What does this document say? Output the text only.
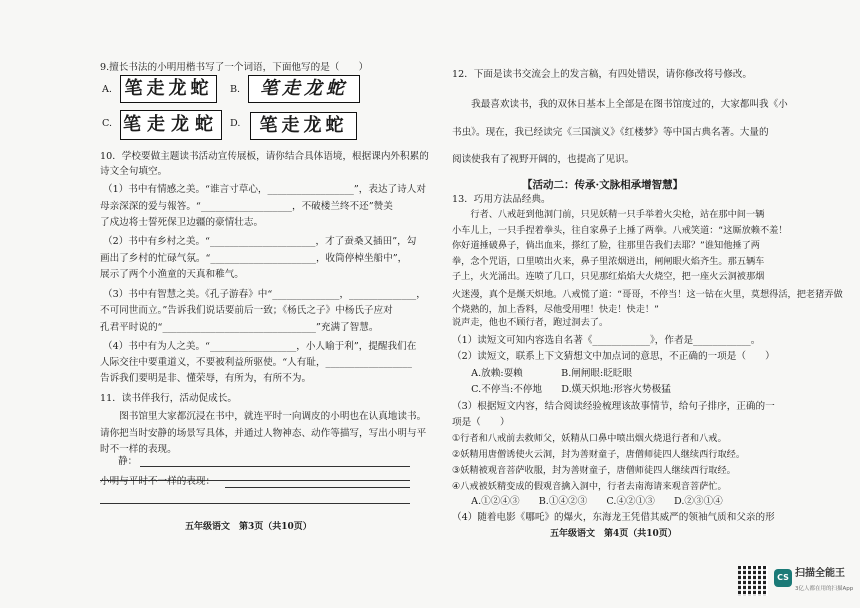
9.擅长书法的小明用楷书写了一个词语，下面他写的是（　　）
A. 笔走龙蛇	B.	笔走龙蛇
C. 笔走龙蛇	D.	笔走龙蛇
10．学校要做主题读书活动宣传展板，请你结合具体语境，根据课内外积累的
诗文全句填空。
（1）书中有情感之美。“谁言寸草心，__________________”，表达了诗人对
母亲深深的爱与報答。“___________________，不破楼兰终不还”赞美
了戍边将士誓死保卫边疆的豪情壮志。
（2）书中有乡村之美。“______________________，才了蚕桑又插田”，勾
画出了乡村的忙碌气氛。“______________________，收筒停棹坐船中”，
展示了两个小渔童的天真和稚气。
（3）书中有智慧之美。《孔子游春》中“______________，______________，
不可同世而立。”告诉我们说话要前后一致；《杨氏之子》中杨氏子应对
孔君平时说的“________________________________”充满了智慧。
（4）书中有为人之美。“__________________，小人喻于利”，提醒我们在
人际交往中要重道义，不要被利益所驱使。“人有耻，__________________
告诉我们要明是非、懂荣辱，有所为，有所不为。
11．读书伴我行，活动促成长。
　　图书馆里大家都沉浸在书中，就连平时一向调皮的小明也在认真地读书。
请你把当时安静的场景写具体，并通过人物神态、动作等描写，写出小明与平
时不一样的表现。
静：
小明与平时不一样的表现：
五年级语文　第3页（共10页）
12．下面是读书交流会上的发言稿，有四处错误，请你修改将号修改。
　　我最喜欢读书，我的双休日基本上全部是在图书馆度过的，大家都叫我《小
书虫》。现在，我已经读完《三国演义》《红楼梦》等中国古典名著。大量的
阅读使我有了视野开阔的，也提高了见识。
【活动二：传承·文脉相承增智慧】
13．巧用方法品经典。
　　行者、八戒赶到他洞门前，只见妖精一只手举着火尖枪，站在那中间一辆
小车儿上，一只手捏着拳头，往自家鼻子上捶了两拳。八戒笑道：“这厮放赖不羞！
你好道捶破鼻子，倘出血来，搽红了脸，往那里告我们去耶？”谁知他捶了两
拳，念个咒语，口里喷出火来，鼻子里浓烟迸出，闸闸眼火焰齐生。那五辆车
子上，火光涌出。连喷了几口，只见那红焰焰大火烧空，把一座火云洞被那烟
火迷漫，真个是熯天炽地。八戒慌了道：“哥哥，不停当！这一钻在火里，莫想得活，把老猪弄做个烧熟的，加上香料，尽他受用哩！快走！快走！”
说声走，他也不顾行者，跑过洞去了。
（1）读短文可知内容选自名著《____________》，作者是____________。
（2）读短文，联系上下文猜想文中加点词的意思，不正确的一项是（　　）
　　A.放赖:耍赖　　　　B.闸闸眼:眨眨眼
　　C.不停当:不停地　　D.熯天炽地:形容火势极猛
（3）根据短文内容，结合阅读经验梳理该故事情节，给句子排序，正确的一
项是（　　）
①行者和八戒前去救师父，妖精从口鼻中喷出烟火烧退行者和八戒。
②妖精用唐僧诱使火云洞，封为善财童子，唐僧师徒四人继续西行取经。
③妖精被观音菩萨收服，封为善财童子，唐僧师徒四人继续西行取经。
④八戒被妖精变成的假观音擒入洞中，行者去南海请来观音菩萨忙。
　　A.①②④③　　B.①④②③　　C.④②①③　　D.②③①④
（4）随着电影《哪吒》的爆火，东海龙王凭借其威严的领袖气质和父亲的形
五年级语文　第4页（共10页）
CS 扫描全能王
3亿人都在用的扫描App
